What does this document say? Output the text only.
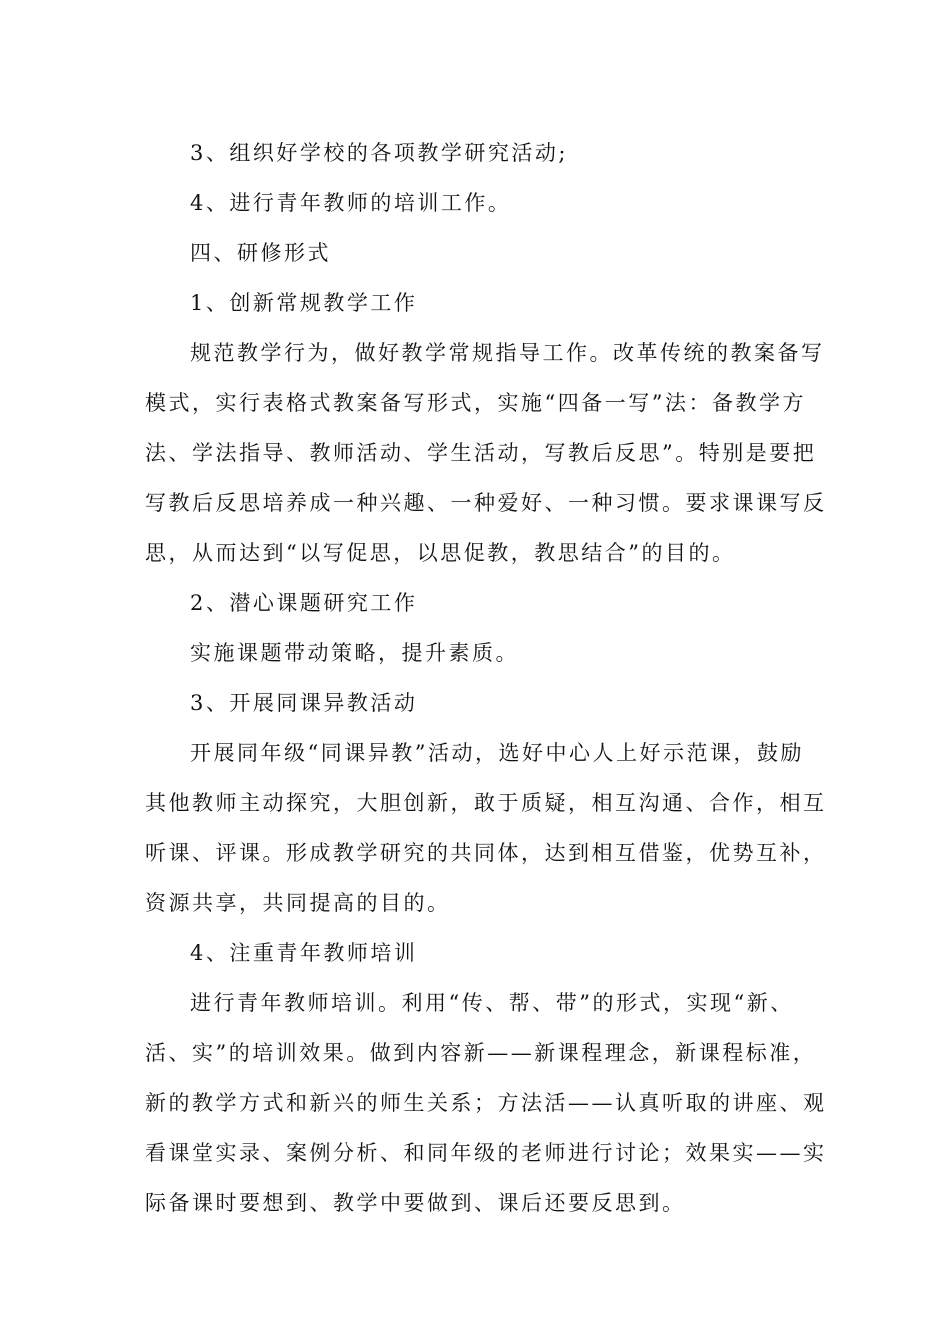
3、组织好学校的各项教学研究活动;
4、进行青年教师的培训工作。
四、研修形式
1、创新常规教学工作
规范教学行为，做好教学常规指导工作。改革传统的教案备写
模式，实行表格式教案备写形式，实施“四备一写”法：备教学方
法、学法指导、教师活动、学生活动，写教后反思”。特别是要把
写教后反思培养成一种兴趣、一种爱好、一种习惯。要求课课写反
思，从而达到“以写促思，以思促教，教思结合”的目的。
2、潜心课题研究工作
实施课题带动策略，提升素质。
3、开展同课异教活动
开展同年级“同课异教”活动，选好中心人上好示范课，鼓励
其他教师主动探究，大胆创新，敢于质疑，相互沟通、合作，相互
听课、评课。形成教学研究的共同体，达到相互借鉴，优势互补，
资源共享，共同提高的目的。
4、注重青年教师培训
进行青年教师培训。利用“传、帮、带”的形式，实现“新、
活、实”的培训效果。做到内容新——新课程理念，新课程标准，
新的教学方式和新兴的师生关系；方法活——认真听取的讲座、观
看课堂实录、案例分析、和同年级的老师进行讨论；效果实——实
际备课时要想到、教学中要做到、课后还要反思到。
